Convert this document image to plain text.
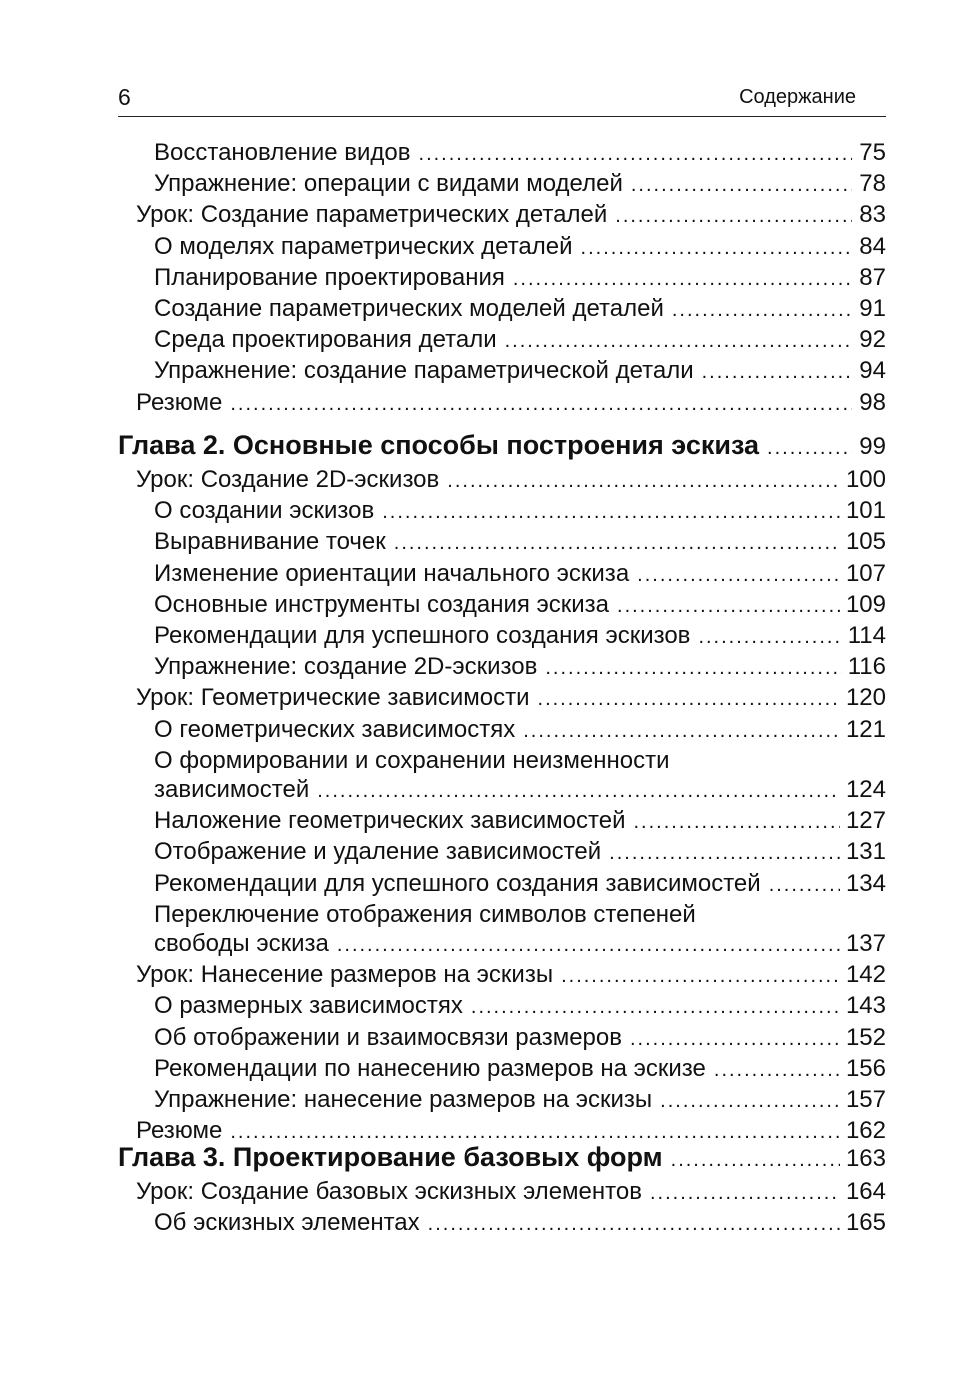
6	Содержание
Восстановление видов .....	75
Упражнение: операции с видами моделей .....	78
Урок: Создание параметрических деталей .....	83
О моделях параметрических деталей .....	84
Планирование проектирования .....	87
Создание параметрических моделей деталей .....	91
Среда проектирования детали .....	92
Упражнение: создание параметрической детали .....	94
Резюме .....	98
Глава 2. Основные способы построения эскиза .....	99
Урок: Создание 2D-эскизов .....	100
О создании эскизов .....	101
Выравнивание точек .....	105
Изменение ориентации начального эскиза .....	107
Основные инструменты создания эскиза .....	109
Рекомендации для успешного создания эскизов .....	114
Упражнение: создание 2D-эскизов .....	116
Урок: Геометрические зависимости .....	120
О геометрических зависимостях .....	121
О формировании и сохранении неизменности
зависимостей .....	124
Наложение геометрических зависимостей .....	127
Отображение и удаление зависимостей .....	131
Рекомендации для успешного создания зависимостей .....	134
Переключение отображения символов степеней
свободы эскиза .....	137
Урок: Нанесение размеров на эскизы .....	142
О размерных зависимостях .....	143
Об отображении и взаимосвязи размеров .....	152
Рекомендации по нанесению размеров на эскизе .....	156
Упражнение: нанесение размеров на эскизы .....	157
Резюме .....	162
Глава 3. Проектирование базовых форм .....	163
Урок: Создание базовых эскизных элементов .....	164
Об эскизных элементах .....	165
